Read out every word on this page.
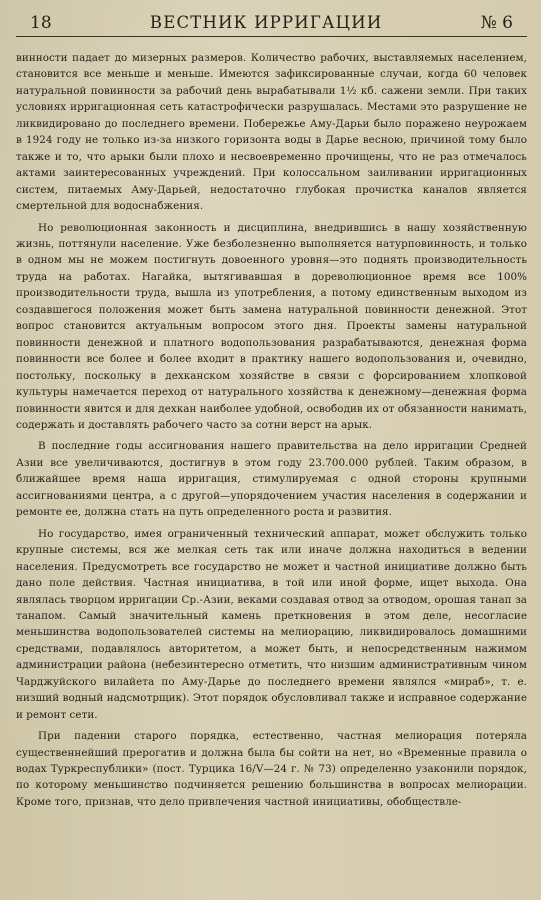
18	ВЕСТНИК ИРРИГАЦИИ	№ 6

винности падает до мизерных размеров. Количество рабочих, выставляемых населением, становится все меньше и меньше. Имеются зафиксированные случаи, когда 60 человек натуральной повинности за рабочий день вырабатывали 1½ кб. сажени земли. При таких условиях ирригационная сеть катастрофически разрушалась. Местами это разрушение не ликвидировано до последнего времени. Побережье Аму-Дарьи было поражено неурожаем в 1924 году не только из-за низкого горизонта воды в Дарье весною, причиной тому было также и то, что арыки были плохо и несвоевременно прочищены, что не раз отмечалось актами заинтересованных учреждений. При колоссальном заиливании ирригационных систем, питаемых Аму-Дарьей, недостаточно глубокая прочистка каналов является смертельной для водоснабжения.

Но революционная законность и дисциплина, внедрившись в нашу хозяйственную жизнь, поттянули население. Уже безболезненно выполняется натурповинность, и только в одном мы не можем постигнуть довоенного уровня—это поднять производительность труда на работах. Нагайка, вытягивавшая в дореволюционное время все 100% производительности труда, вышла из употребления, а потому единственным выходом из создавшегося положения может быть замена натуральной повинности денежной. Этот вопрос становится актуальным вопросом этого дня. Проекты замены натуральной повинности денежной и платного водопользования разрабатываются, денежная форма повинности все более и более входит в практику нашего водопользования и, очевидно, постольку, поскольку в дехканском хозяйстве в связи с форсированием хлопковой культуры намечается переход от натурального хозяйства к денежному—денежная форма повинности явится и для дехкан наиболее удобной, освободив их от обязанности нанимать, содержать и доставлять рабочего часто за сотни верст на арык.

В последние годы ассигнования нашего правительства на дело ирригации Средней Азии все увеличиваются, достигнув в этом году 23.700.000 рублей. Таким образом, в ближайшее время наша ирригация, стимулируемая с одной стороны крупными ассигнованиями центра, а с другой—упорядочением участия населения в содержании и ремонте ее, должна стать на путь определенного роста и развития.

Но государство, имея ограниченный технический аппарат, может обслужить только крупные системы, вся же мелкая сеть так или иначе должна находиться в ведении населения. Предусмотреть все государство не может и частной инициативе должно быть дано поле действия. Частная инициатива, в той или иной форме, ищет выхода. Она являлась творцом ирригации Ср.-Азии, веками создавая отвод за отводом, орошая танап за танапом. Самый значительный камень преткновения в этом деле, несогласие меньшинства водопользователей системы на мелиорацию, ликвидировалось домашними средствами, подавлялось авторитетом, а может быть, и непосредственным нажимом администрации района (небезинтересно отметить, что низшим административным чином Чарджуйского вилайета по Аму-Дарье до последнего времени являлся «мираб», т. е. низший водный надсмотрщик). Этот порядок обусловливал также и исправное содержание и ремонт сети.

При падении старого порядка, естественно, частная мелиорация потеряла существеннейший прерогатив и должна была бы сойти на нет, но «Временные правила о водах Туркреспублики» (пост. Турцика 16/V—24 г. № 73) определенно узаконили порядок, по которому меньшинство подчиняется решению большинства в вопросах мелиорации. Кроме того, признав, что дело привлечения частной инициативы, обобществле-
